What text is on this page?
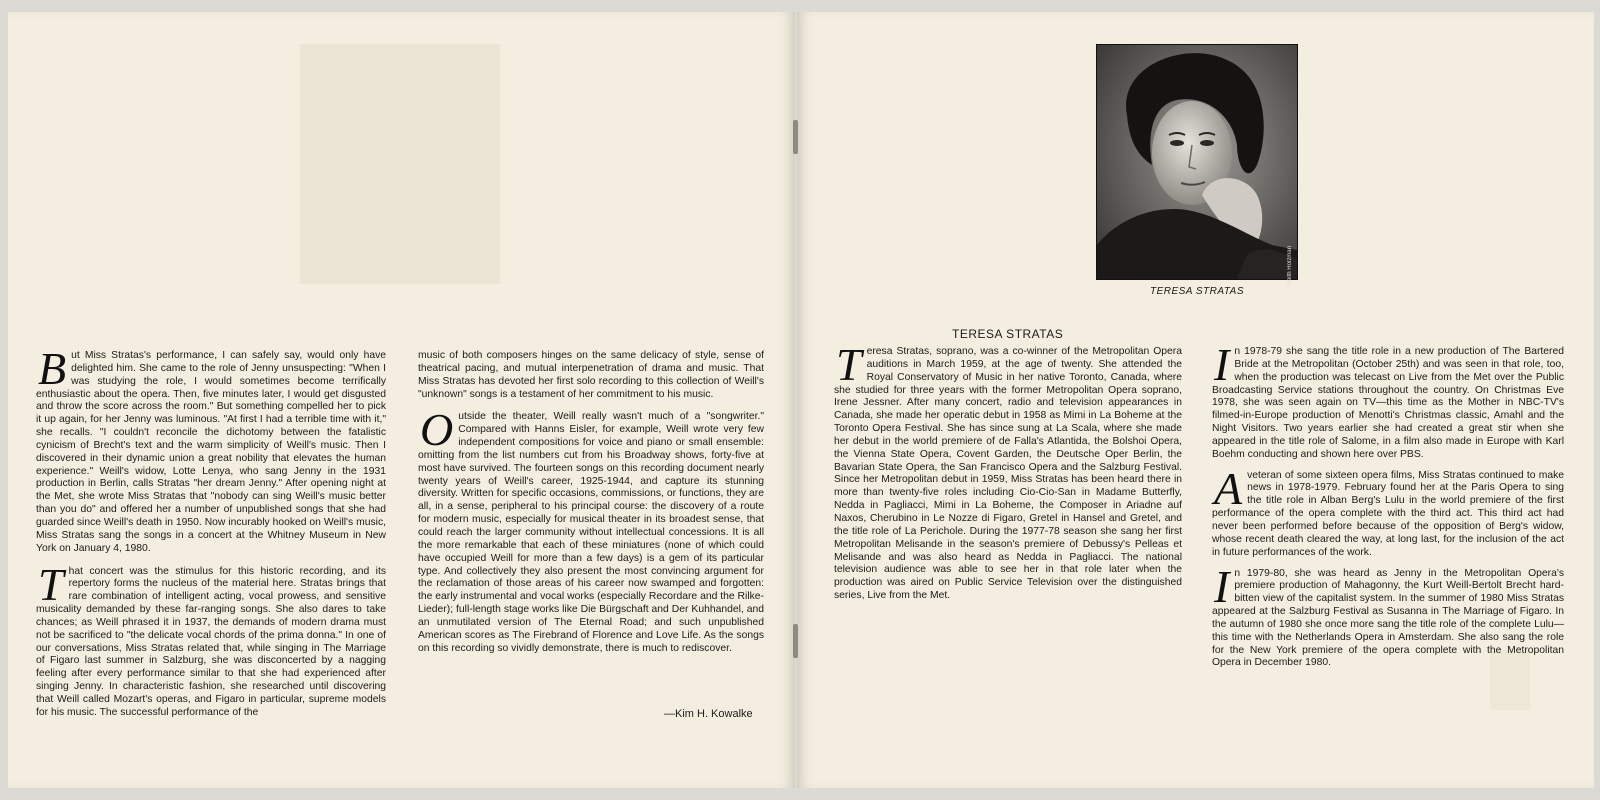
But Miss Stratas's performance, I can safely say, would only have delighted him. She came to the role of Jenny unsuspecting: "When I was studying the role, I would sometimes become terrifically enthusiastic about the opera. Then, five minutes later, I would get disgusted and throw the score across the room." But something compelled her to pick it up again, for her Jenny was luminous. "At first I had a terrible time with it," she recalls. "I couldn't reconcile the dichotomy between the fatalistic cynicism of Brecht's text and the warm simplicity of Weill's music. Then I discovered in their dynamic union a great nobility that elevates the human experience." Weill's widow, Lotte Lenya, who sang Jenny in the 1931 production in Berlin, calls Stratas "her dream Jenny." After opening night at the Met, she wrote Miss Stratas that "nobody can sing Weill's music better than you do" and offered her a number of unpublished songs that she had guarded since Weill's death in 1950. Now incurably hooked on Weill's music, Miss Stratas sang the songs in a concert at the Whitney Museum in New York on January 4, 1980.

That concert was the stimulus for this historic recording, and its repertory forms the nucleus of the material here. Stratas brings that rare combination of intelligent acting, vocal prowess, and sensitive musicality demanded by these far-ranging songs. She also dares to take chances; as Weill phrased it in 1937, the demands of modern drama must not be sacrificed to "the delicate vocal chords of the prima donna." In one of our conversations, Miss Stratas related that, while singing in The Marriage of Figaro last summer in Salzburg, she was disconcerted by a nagging feeling after every performance similar to that she had experienced after singing Jenny. In characteristic fashion, she researched until discovering that Weill called Mozart's operas, and Figaro in particular, supreme models for his music. The successful performance of the

music of both composers hinges on the same delicacy of style, sense of theatrical pacing, and mutual interpenetration of drama and music. That Miss Stratas has devoted her first solo recording to this collection of Weill's "unknown" songs is a testament of her commitment to his music.

Outside the theater, Weill really wasn't much of a "songwriter." Compared with Hanns Eisler, for example, Weill wrote very few independent compositions for voice and piano or small ensemble: omitting from the list numbers cut from his Broadway shows, forty-five at most have survived. The fourteen songs on this recording document nearly twenty years of Weill's career, 1925-1944, and capture its stunning diversity. Written for specific occasions, commissions, or functions, they are all, in a sense, peripheral to his principal course: the discovery of a route for modern music, especially for musical theater in its broadest sense, that could reach the larger community without intellectual concessions. It is all the more remarkable that each of these miniatures (none of which could have occupied Weill for more than a few days) is a gem of its particular type. And collectively they also present the most convincing argument for the reclamation of those areas of his career now swamped and forgotten: the early instrumental and vocal works (especially Recordare and the Rilke-Lieder); full-length stage works like Die Bürgschaft and Der Kuhhandel, and an unmutilated version of The Eternal Road; and such unpublished American scores as The Firebrand of Florence and Love Life. As the songs on this recording so vividly demonstrate, there is much to rediscover.

—Kim H. Kowalke
Keith Holzman
TERESA STRATAS
TERESA STRATAS

Teresa Stratas, soprano, was a co-winner of the Metropolitan Opera auditions in March 1959, at the age of twenty. She attended the Royal Conservatory of Music in her native Toronto, Canada, where she studied for three years with the former Metropolitan Opera soprano, Irene Jessner. After many concert, radio and television appearances in Canada, she made her operatic debut in 1958 as Mimi in La Boheme at the Toronto Opera Festival. She has since sung at La Scala, where she made her debut in the world premiere of de Falla's Atlantida, the Bolshoi Opera, the Vienna State Opera, Covent Garden, the Deutsche Oper Berlin, the Bavarian State Opera, the San Francisco Opera and the Salzburg Festival. Since her Metropolitan debut in 1959, Miss Stratas has been heard there in more than twenty-five roles including Cio-Cio-San in Madame Butterfly, Nedda in Pagliacci, Mimi in La Boheme, the Composer in Ariadne auf Naxos, Cherubino in Le Nozze di Figaro, Gretel in Hansel and Gretel, and the title role of La Perichole. During the 1977-78 season she sang her first Metropolitan Melisande in the season's premiere of Debussy's Pelleas et Melisande and was also heard as Nedda in Pagliacci. The national television audience was able to see her in that role later when the production was aired on Public Service Television over the distinguished series, Live from the Met.

In 1978-79 she sang the title role in a new production of The Bartered Bride at the Metropolitan (October 25th) and was seen in that role, too, when the production was telecast on Live from the Met over the Public Broadcasting Service stations throughout the country. On Christmas Eve 1978, she was seen again on TV—this time as the Mother in NBC-TV's filmed-in-Europe production of Menotti's Christmas classic, Amahl and the Night Visitors. Two years earlier she had created a great stir when she appeared in the title role of Salome, in a film also made in Europe with Karl Boehm conducting and shown here over PBS.

A veteran of some sixteen opera films, Miss Stratas continued to make news in 1978-1979. February found her at the Paris Opera to sing the title role in Alban Berg's Lulu in the world premiere of the first performance of the opera complete with the third act. This third act had never been performed before because of the opposition of Berg's widow, whose recent death cleared the way, at long last, for the inclusion of the act in future performances of the work.

In 1979-80, she was heard as Jenny in the Metropolitan Opera's premiere production of Mahagonny, the Kurt Weill-Bertolt Brecht hard-bitten view of the capitalist system. In the summer of 1980 Miss Stratas appeared at the Salzburg Festival as Susanna in The Marriage of Figaro. In the autumn of 1980 she once more sang the title role of the complete Lulu—this time with the Netherlands Opera in Amsterdam. She also sang the role for the New York premiere of the opera complete with the Metropolitan Opera in December 1980.
